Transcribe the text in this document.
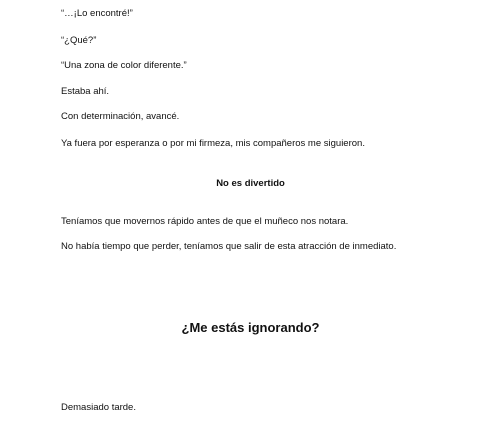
“…¡Lo encontré!”
“¿Qué?”
“Una zona de color diferente.”
Estaba ahí.
Con determinación, avancé.
Ya fuera por esperanza o por mi firmeza, mis compañeros me siguieron.
No es divertido
Teníamos que movernos rápido antes de que el muñeco nos notara.
No había tiempo que perder, teníamos que salir de esta atracción de inmediato.
¿Me estás ignorando?
Demasiado tarde.
